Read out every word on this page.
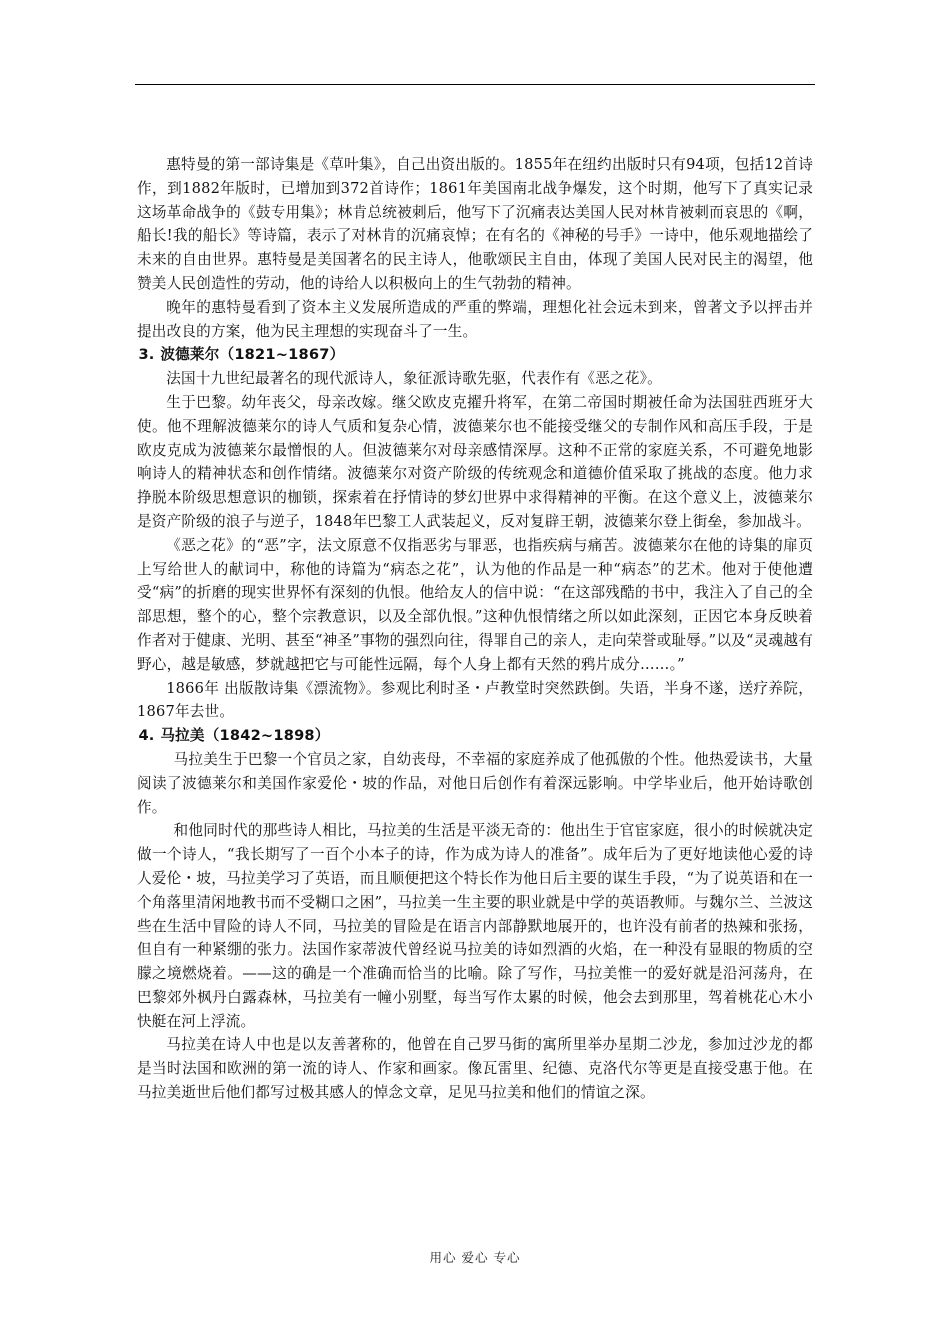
惠特曼的第一部诗集是《草叶集》，自己出资出版的。1855年在纽约出版时只有94项，包括12首诗作，到1882年版时，已增加到372首诗作；1861年美国南北战争爆发，这个时期，他写下了真实记录这场革命战争的《鼓专用集》；林肯总统被刺后，他写下了沉痛表达美国人民对林肯被刺而哀思的《啊，船长!我的船长》等诗篇，表示了对林肯的沉痛哀悼；在有名的《神秘的号手》一诗中，他乐观地描绘了未来的自由世界。惠特曼是美国著名的民主诗人，他歌颂民主自由，体现了美国人民对民主的渴望，他赞美人民创造性的劳动，他的诗给人以积极向上的生气勃勃的精神。

晚年的惠特曼看到了资本主义发展所造成的严重的弊端，理想化社会远未到来，曾著文予以抨击并提出改良的方案，他为民主理想的实现奋斗了一生。

3. 波德莱尔（1821~1867）

法国十九世纪最著名的现代派诗人，象征派诗歌先驱，代表作有《恶之花》。

生于巴黎。幼年丧父，母亲改嫁。继父欧皮克擢升将军，在第二帝国时期被任命为法国驻西班牙大使。他不理解波德莱尔的诗人气质和复杂心情，波德莱尔也不能接受继父的专制作风和高压手段，于是欧皮克成为波德莱尔最憎恨的人。但波德莱尔对母亲感情深厚。这种不正常的家庭关系，不可避免地影响诗人的精神状态和创作情绪。波德莱尔对资产阶级的传统观念和道德价值采取了挑战的态度。他力求挣脱本阶级思想意识的枷锁，探索着在抒情诗的梦幻世界中求得精神的平衡。在这个意义上，波德莱尔是资产阶级的浪子与逆子，1848年巴黎工人武装起义，反对复辟王朝，波德莱尔登上街垒，参加战斗。

《恶之花》的“恶”字，法文原意不仅指恶劣与罪恶，也指疾病与痛苦。波德莱尔在他的诗集的扉页上写给世人的献词中，称他的诗篇为“病态之花”，认为他的作品是一种“病态”的艺术。他对于使他遭受“病”的折磨的现实世界怀有深刻的仇恨。他给友人的信中说：“在这部残酷的书中，我注入了自己的全部思想，整个的心，整个宗教意识，以及全部仇恨。”这种仇恨情绪之所以如此深刻，正因它本身反映着作者对于健康、光明、甚至“神圣”事物的强烈向往，得罪自己的亲人，走向荣誉或耻辱。”以及“灵魂越有野心，越是敏感，梦就越把它与可能性远隔，每个人身上都有天然的鸦片成分……。”

1866年 出版散诗集《漂流物》。参观比利时圣・卢教堂时突然跌倒。失语，半身不遂，送疗养院，1867年去世。

4. 马拉美（1842~1898）

马拉美生于巴黎一个官员之家，自幼丧母，不幸福的家庭养成了他孤傲的个性。他热爱读书，大量阅读了波德莱尔和美国作家爱伦・坡的作品，对他日后创作有着深远影响。中学毕业后，他开始诗歌创作。

和他同时代的那些诗人相比，马拉美的生活是平淡无奇的：他出生于官宦家庭，很小的时候就决定做一个诗人，“我长期写了一百个小本子的诗，作为成为诗人的准备”。成年后为了更好地读他心爱的诗人爱伦・坡，马拉美学习了英语，而且顺便把这个特长作为他日后主要的谋生手段，“为了说英语和在一个角落里清闲地教书而不受糊口之困”，马拉美一生主要的职业就是中学的英语教师。与魏尔兰、兰波这些在生活中冒险的诗人不同，马拉美的冒险是在语言内部静默地展开的，也许没有前者的热辣和张扬，但自有一种紧绷的张力。法国作家蒂波代曾经说马拉美的诗如烈酒的火焰，在一种没有显眼的物质的空朦之境燃烧着。——这的确是一个准确而恰当的比喻。除了写作，马拉美惟一的爱好就是沿河荡舟，在巴黎郊外枫丹白露森林，马拉美有一幢小别墅，每当写作太累的时候，他会去到那里，驾着桃花心木小快艇在河上浮流。

马拉美在诗人中也是以友善著称的，他曾在自己罗马街的寓所里举办星期二沙龙，参加过沙龙的都是当时法国和欧洲的第一流的诗人、作家和画家。像瓦雷里、纪德、克洛代尔等更是直接受惠于他。在马拉美逝世后他们都写过极其感人的悼念文章，足见马拉美和他们的情谊之深。

用心 爱心 专心
